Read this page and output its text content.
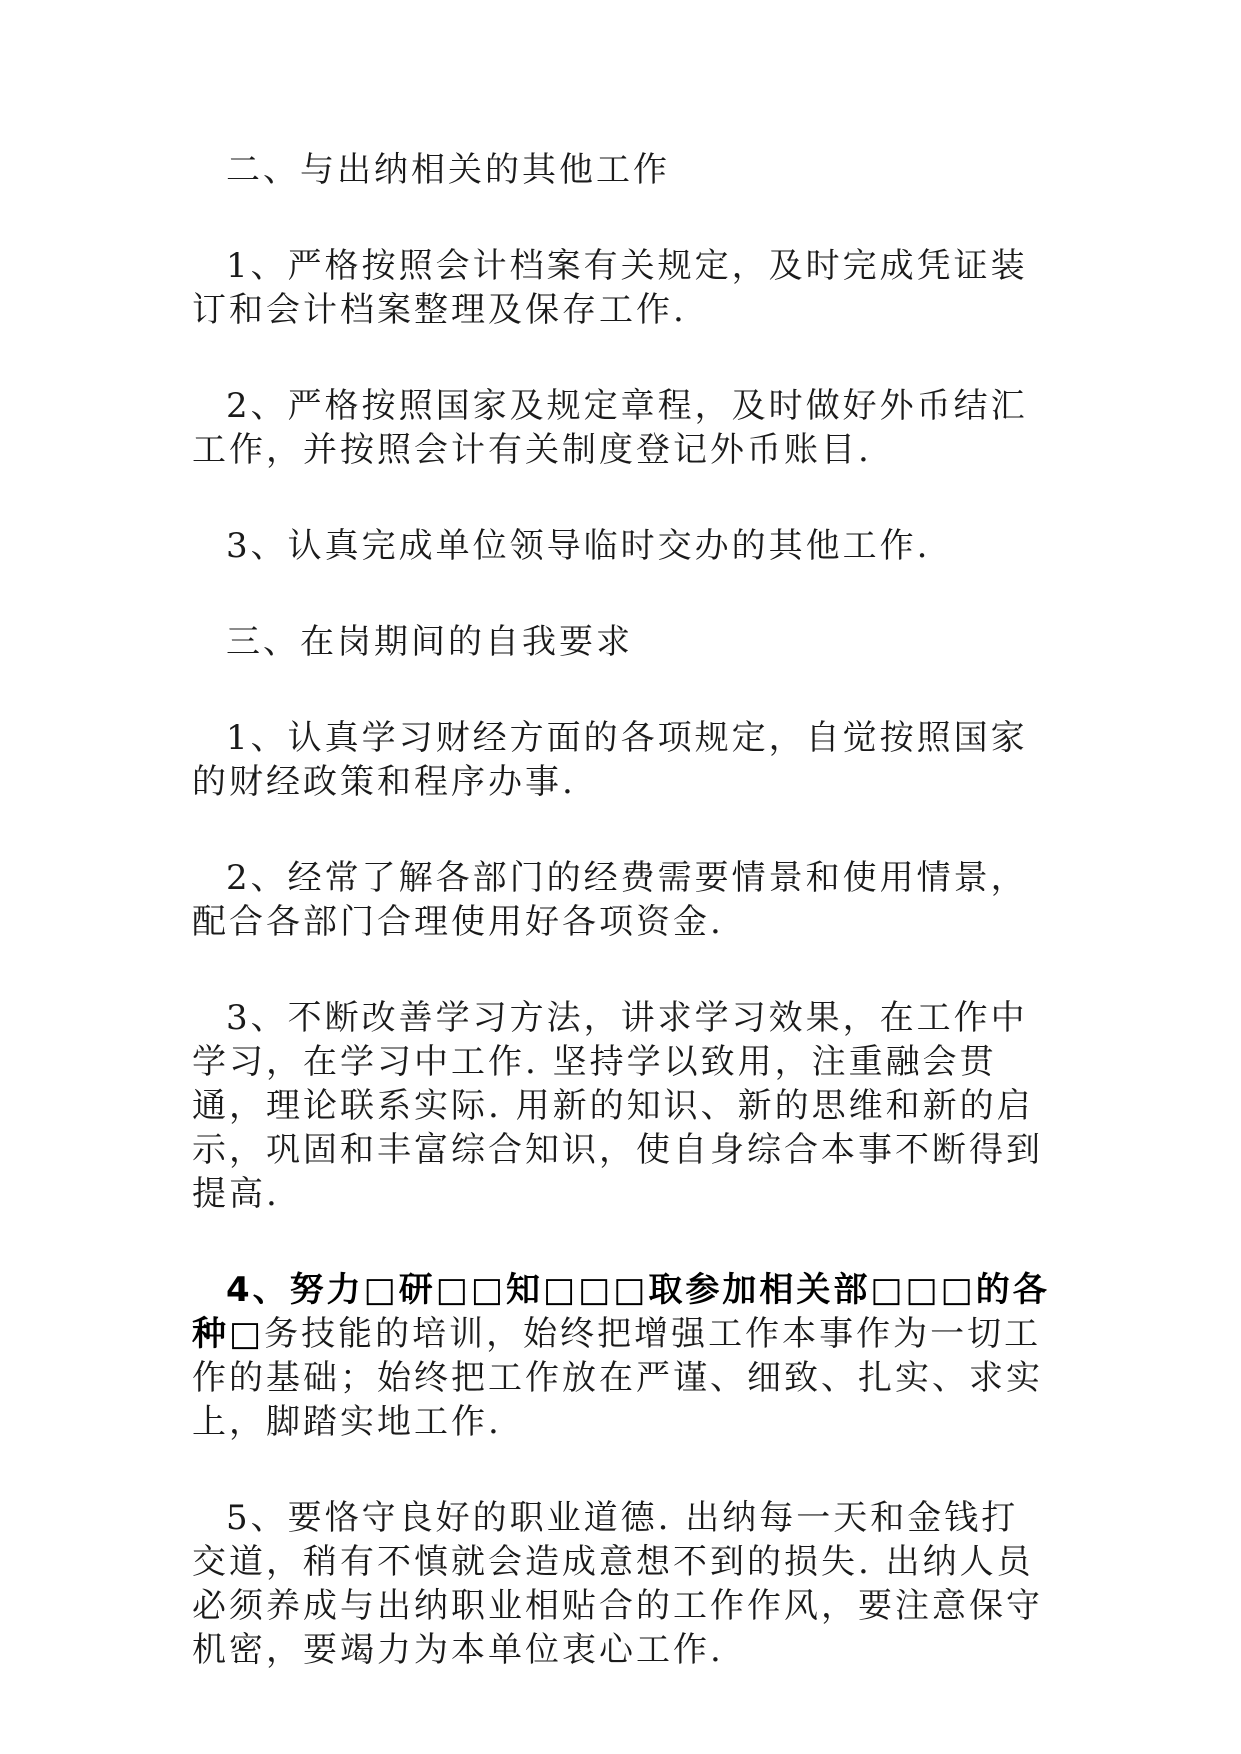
二、与出纳相关的其他工作

1、严格按照会计档案有关规定，及时完成凭证装订和会计档案整理及保存工作.

2、严格按照国家及规定章程，及时做好外币结汇工作，并按照会计有关制度登记外币账目.

3、认真完成单位领导临时交办的其他工作.

三、在岗期间的自我要求

1、认真学习财经方面的各项规定，自觉按照国家的财经政策和程序办事.

2、经常了解各部门的经费需要情景和使用情景，配合各部门合理使用好各项资金.

3、不断改善学习方法，讲求学习效果，在工作中学习，在学习中工作. 坚持学以致用，注重融会贯通，理论联系实际. 用新的知识、新的思维和新的启示，巩固和丰富综合知识，使自身综合本事不断得到提高.

4、努力□研□□知□□□取参加相关部□□□的各种□务技能的培训，始终把增强工作本事作为一切工作的基础；始终把工作放在严谨、细致、扎实、求实上，脚踏实地工作.

5、要恪守良好的职业道德. 出纳每一天和金钱打交道，稍有不慎就会造成意想不到的损失. 出纳人员必须养成与出纳职业相贴合的工作作风，要注意保守机密，要竭力为本单位衷心工作.
